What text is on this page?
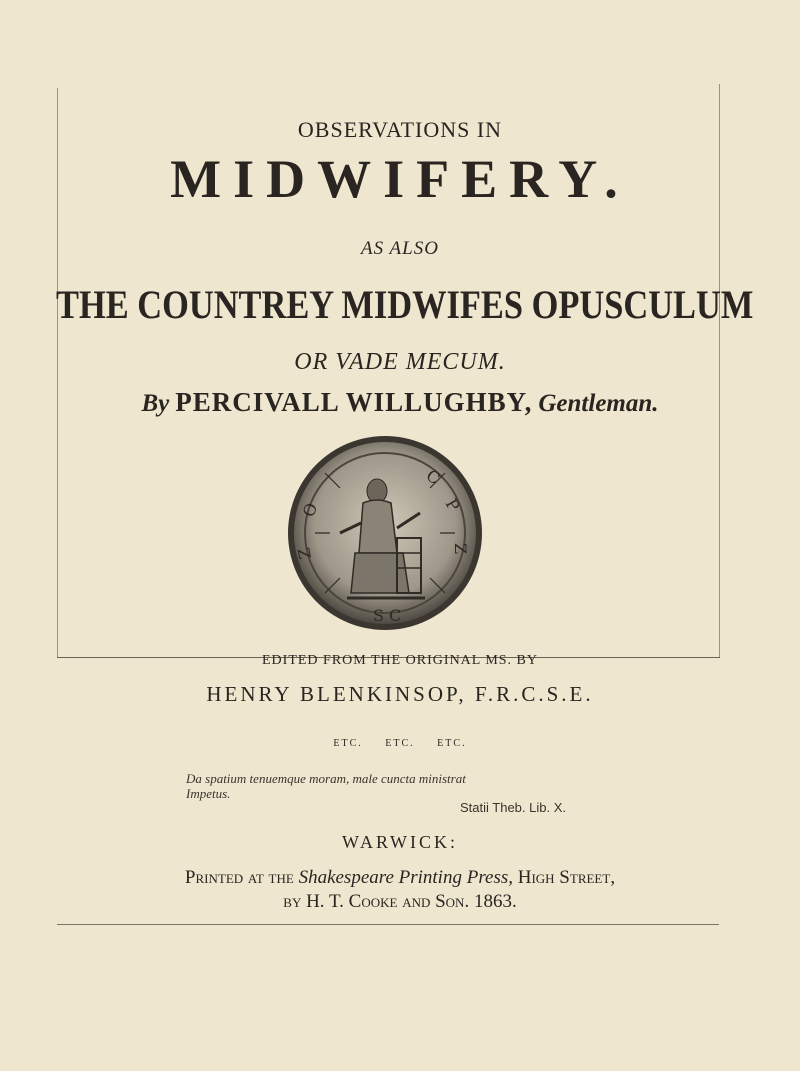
OBSERVATIONS IN
MIDWIFERY.
AS ALSO
THE COUNTREY MIDWIFES OPUSCULUM
OR VADE MECUM.
By PERCIVALL WILLUGHBY, Gentleman.
C
P
Z
O
Z
S C
EDITED FROM THE ORIGINAL MS. BY
HENRY BLENKINSOP, F.R.C.S.E.
ETC. ETC. ETC.
Da spatium tenuemque moram, male cuncta ministrat
Impetus.
Statii Theb. Lib. X.
WARWICK:
Printed at the Shakespeare Printing Press, High Street,
by H. T. Cooke and Son. 1863.
